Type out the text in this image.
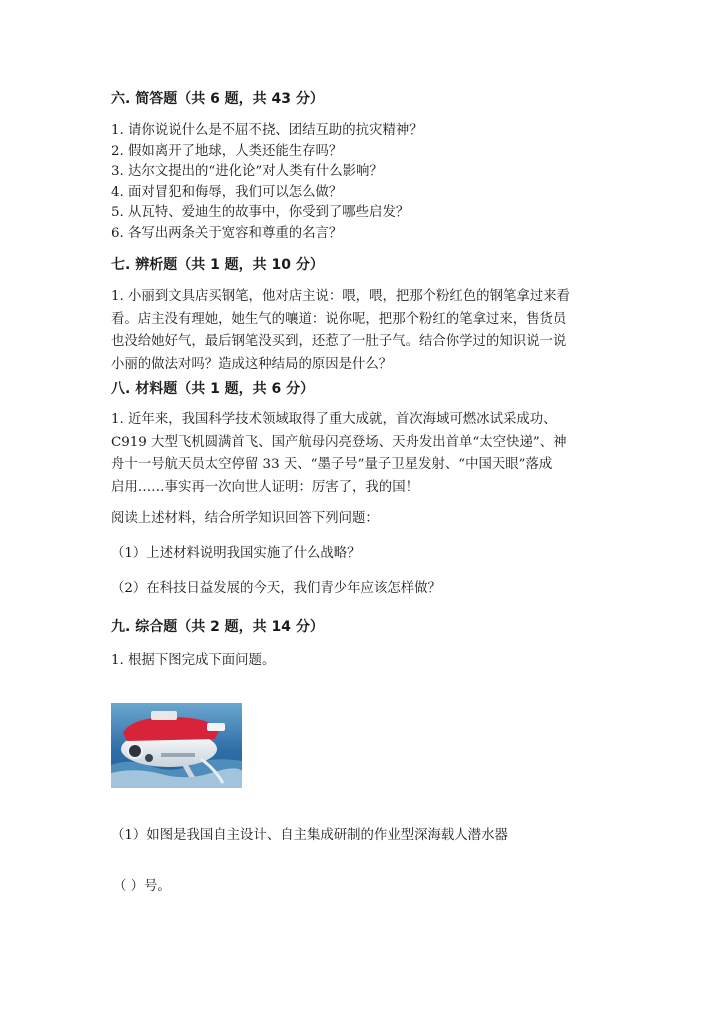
六. 简答题（共 6 题，共 43 分）
1. 请你说说什么是不屈不挠、团结互助的抗灾精神？
2. 假如离开了地球，人类还能生存吗？
3. 达尔文提出的“进化论”对人类有什么影响？
4. 面对冒犯和侮辱，我们可以怎么做？
5. 从瓦特、爱迪生的故事中，你受到了哪些启发？
6. 各写出两条关于宽容和尊重的名言？
七. 辨析题（共 1 题，共 10 分）
1. 小丽到文具店买钢笔，他对店主说：喂，喂，把那个粉红色的钢笔拿过来看
看。店主没有理她，她生气的嚷道：说你呢，把那个粉红的笔拿过来，售货员
也没给她好气，最后钢笔没买到，还惹了一肚子气。结合你学过的知识说一说
小丽的做法对吗？造成这种结局的原因是什么？
八. 材料题（共 1 题，共 6 分）
1. 近年来，我国科学技术领域取得了重大成就，首次海域可燃冰试采成功、
C919 大型飞机圆满首飞、国产航母闪亮登场、天舟发出首单“太空快递”、神
舟十一号航天员太空停留 33 天、“墨子号”量子卫星发射、“中国天眼”落成
启用……事实再一次向世人证明：厉害了，我的国！
阅读上述材料，结合所学知识回答下列问题：
（1）上述材料说明我国实施了什么战略？
（2）在科技日益发展的今天，我们青少年应该怎样做？
九. 综合题（共 2 题，共 14 分）
1. 根据下图完成下面问题。
（1）如图是我国自主设计、自主集成研制的作业型深海载人潜水器
（ ）号。
